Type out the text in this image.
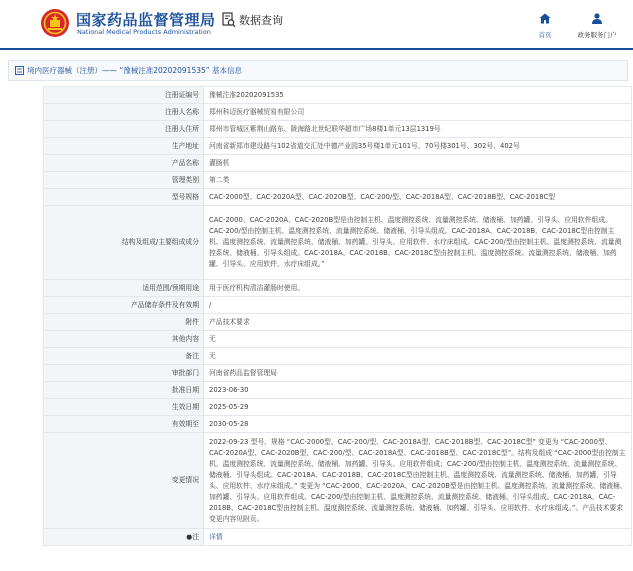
国家药品监督管理局
National Medical Products Administration
数据查询
首页	政务服务门户
境内医疗器械（注册）—— “豫械注准20202091535” 基本信息
注册证编号	豫械注准20202091535
注册人名称	郑州科迈医疗器械贸易有限公司
注册人住所	郑州市管城区紫荆山路东、陇海路北世纪联华超市广场8楼1单元13层1319号
生产地址	河南省新郑市建设路与102省道交汇处中德产业园35号楼1单元101号、70号楼301号、302号、402号
产品名称	灌肠机
管理类别	第二类
型号规格	CAC-2000型、CAC-2020A型、CAC-2020B型、CAC-200/型、CAC-2018A型、CAC-2018B型、CAC-2018C型
结构及组成/主要组成成分	CAC-2000、CAC-2020A、CAC-2020B型是由控制主机、温度测控系统、流量测控系统、储液桶、加药罐、引导头、应用软件组成。CAC-200/型由控制主机、温度测控系统、流量测控系统、储液桶、引导头组成。CAC-2018A、CAC-2018B、CAC-2018C型由控制主机、温度测控系统、流量测控系统、储液桶、加药罐、引导头、应用软件、水疗床组成。CAC-200/型由控制主机、温度测控系统、流量测控系统、储液桶、引导头组成。CAC-2018A、CAC-2018B、CAC-2018C型由控制主机、温度测控系统、流量测控系统、储液桶、加药罐、引导头、应用软件、水疗床组成。”
适用范围/预期用途	用于医疗机构清洁灌肠时使用。
产品储存条件及有效期	/
附件	产品技术要求
其他内容	无
备注	无
审批部门	河南省药品监督管理局
批准日期	2023-06-30
生效日期	2025-05-29
有效期至	2030-05-28
变更情况	2022-09-23 型号、规格 “CAC-2000型、CAC-200/型、CAC-2018A型、CAC-2018B型、CAC-2018C型” 变更为 “CAC-2000型、CAC-2020A型、CAC-2020B型、CAC-200/型、CAC-2018A型、CAC-2018B型、CAC-2018C型”。结构及组成 “CAC-2000型由控制主机、温度测控系统、流量测控系统、储液桶、加药罐、引导头、应用软件组成；CAC-200/型由控制主机、温度测控系统、流量测控系统、储液桶、引导头组成。CAC-2018A、CAC-2018B、CAC-2018C型由控制主机、温度测控系统、流量测控系统、储液桶、加药罐、引导头、应用软件、水疗床组成。” 变更为 “CAC-2000、CAC-2020A、CAC-2020B型是由控制主机、温度测控系统、流量测控系统、储液桶、加药罐、引导头、应用软件组成。CAC-200/型由控制主机、温度测控系统、流量测控系统、储液桶、引导头组成。CAC-2018A、CAC-2018B、CAC-2018C型由控制主机、温度测控系统、流量测控系统、储液桶、加药罐、引导头、应用软件、水疗床组成。”。产品技术要求变更内容见附页。
●注	详情
